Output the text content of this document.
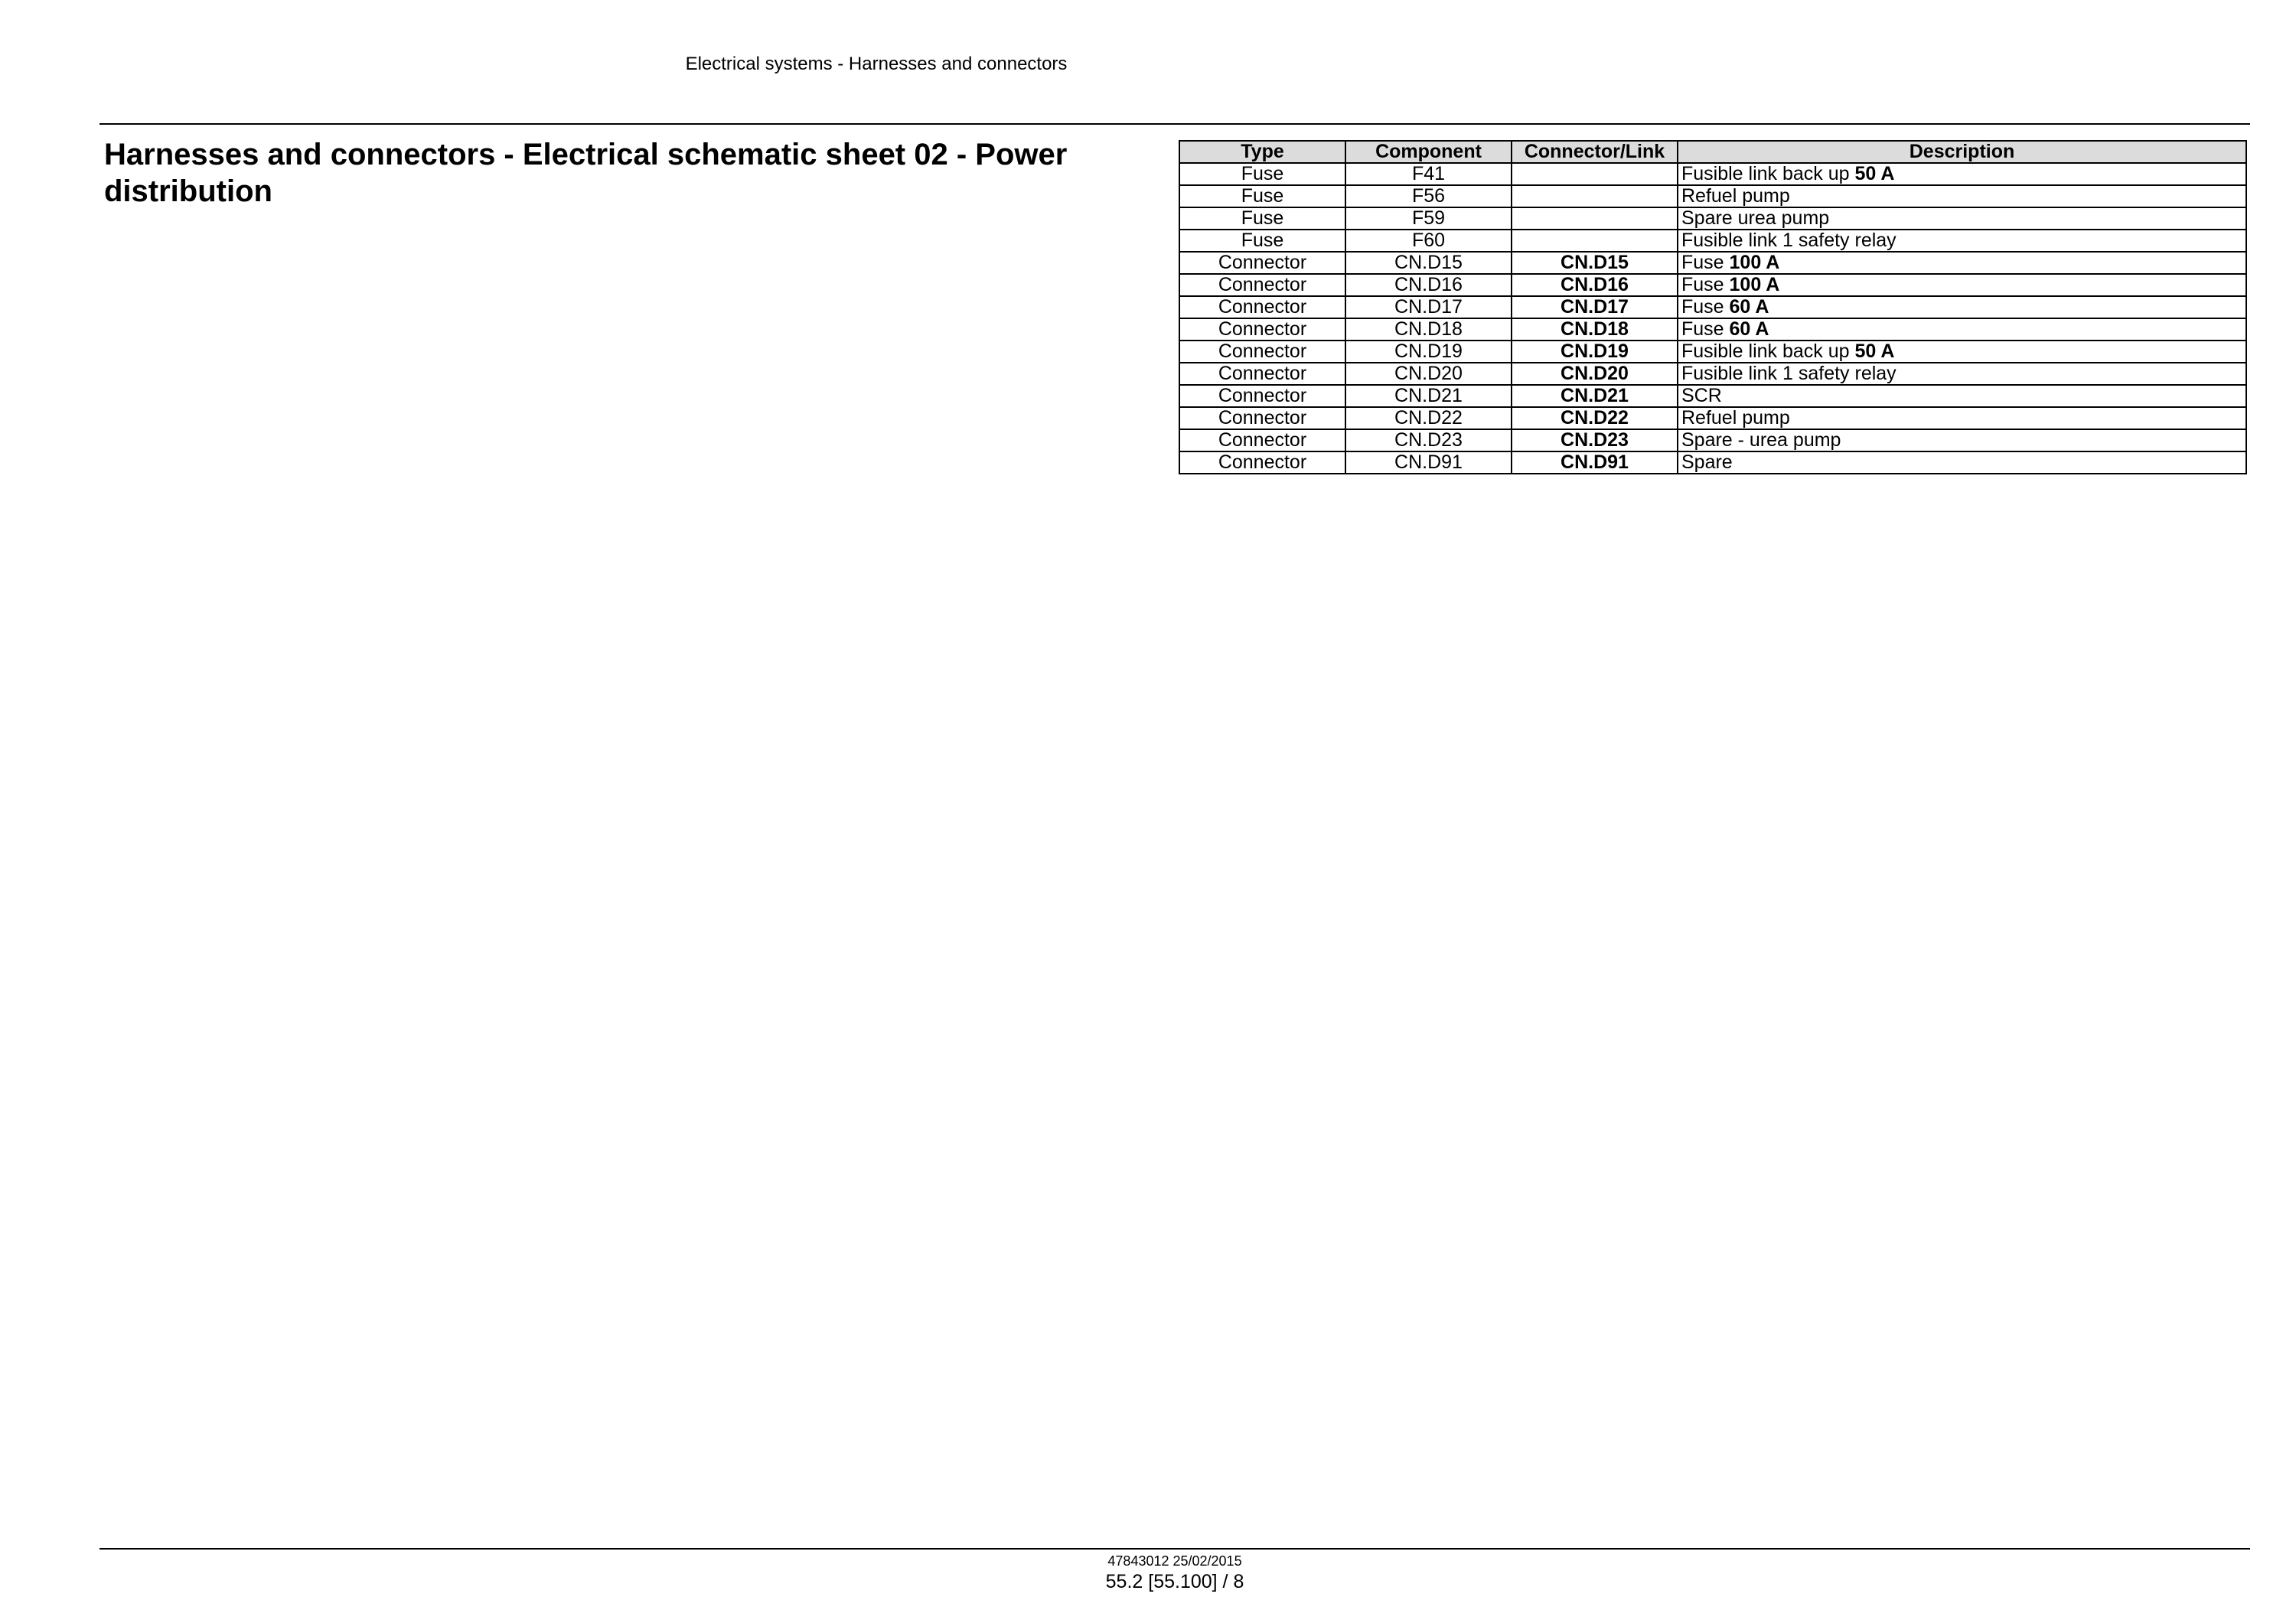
Electrical systems - Harnesses and connectors
Harnesses and connectors - Electrical schematic sheet 02 - Power distribution
Type	Component	Connector/Link	Description
Fuse	F41		Fusible link back up 50 A
Fuse	F56		Refuel pump
Fuse	F59		Spare urea pump
Fuse	F60		Fusible link 1 safety relay
Connector	CN.D15	CN.D15	Fuse 100 A
Connector	CN.D16	CN.D16	Fuse 100 A
Connector	CN.D17	CN.D17	Fuse 60 A
Connector	CN.D18	CN.D18	Fuse 60 A
Connector	CN.D19	CN.D19	Fusible link back up 50 A
Connector	CN.D20	CN.D20	Fusible link 1 safety relay
Connector	CN.D21	CN.D21	SCR
Connector	CN.D22	CN.D22	Refuel pump
Connector	CN.D23	CN.D23	Spare - urea pump
Connector	CN.D91	CN.D91	Spare
47843012 25/02/2015
55.2 [55.100] / 8
